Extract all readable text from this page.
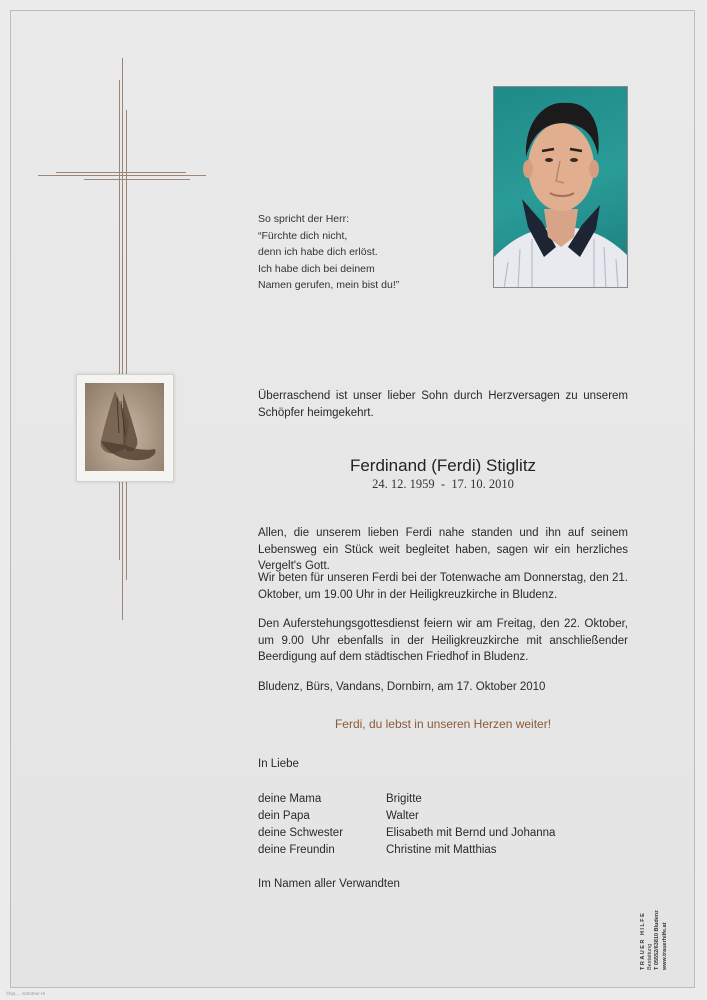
So spricht der Herr:
“Fürchte dich nicht,
denn ich habe dich erlöst.
Ich habe dich bei deinem
Namen gerufen, mein bist du!”
Überraschend ist unser lieber Sohn durch Herzversagen zu unserem Schöpfer heimgekehrt.
Ferdinand (Ferdi) Stiglitz
24. 12. 1959  -  17. 10. 2010
Allen, die unserem lieben Ferdi nahe standen und ihn auf seinem Lebensweg ein Stück weit begleitet haben, sagen wir ein herzliches Vergelt's Gott.
Wir beten für unseren Ferdi bei der Totenwache am Donnerstag, den 21. Oktober, um 19.00 Uhr in der Heiligkreuzkirche in Bludenz.
Den Auferstehungsgottesdienst feiern wir am Freitag, den 22. Oktober, um 9.00 Uhr ebenfalls in der Heiligkreuzkirche mit anschließender Beerdigung auf dem städtischen Friedhof in Bludenz.
Bludenz, Bürs, Vandans, Dornbirn, am 17. Oktober 2010
Ferdi, du lebst in unseren Herzen weiter!
In Liebe
deine Mama	Brigitte
dein Papa	Walter
deine Schwester	Elisabeth mit Bernd und Johanna
deine Freundin	Christine mit Matthias
Im Namen aller Verwandten
TRAUER HILFE Bestattung T 05552/63810 Bludenz www.trauerhilfe.at
©byL… Kärntner Hl
